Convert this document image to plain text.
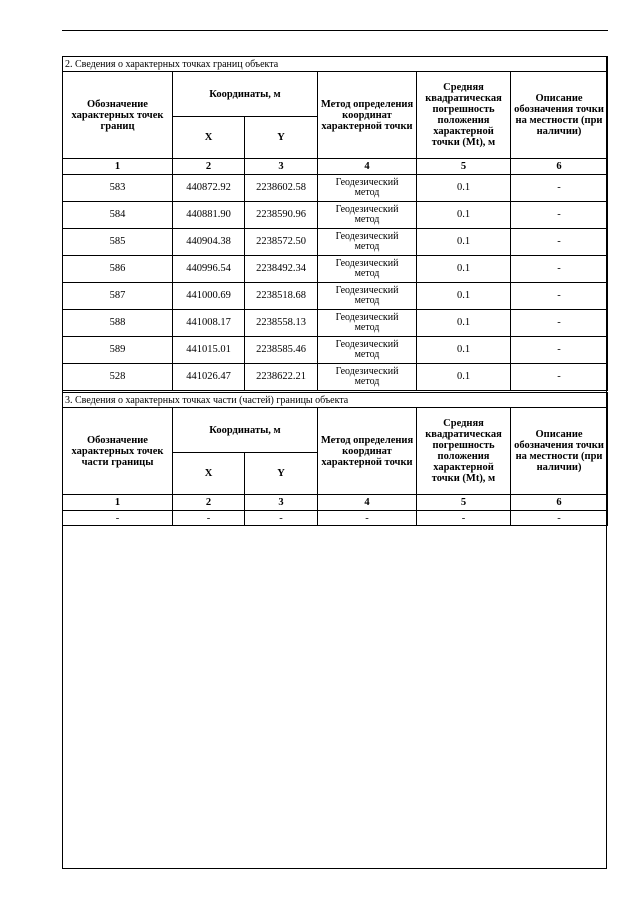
2. Сведения о характерных точках границ объекта					
Обозначение характерных точек границ	Координаты, м		Метод определения координат характерной точки	Средняя квадратическая погрешность положения характерной точки (Mt), м	Описание обозначения точки на местности (при наличии)
	X	Y			
1	2	3	4	5	6
583	440872.92	2238602.58	Геодезический метод	0.1	-
584	440881.90	2238590.96	Геодезический метод	0.1	-
585	440904.38	2238572.50	Геодезический метод	0.1	-
586	440996.54	2238492.34	Геодезический метод	0.1	-
587	441000.69	2238518.68	Геодезический метод	0.1	-
588	441008.17	2238558.13	Геодезический метод	0.1	-
589	441015.01	2238585.46	Геодезический метод	0.1	-
528	441026.47	2238622.21	Геодезический метод	0.1	-
3. Сведения о характерных точках части (частей) границы объекта					
Обозначение характерных точек части границы	Координаты, м		Метод определения координат характерной точки	Средняя квадратическая погрешность положения характерной точки (Mt), м	Описание обозначения точки на местности (при наличии)
	X	Y			
1	2	3	4	5	6
-	-	-	-	-	-
